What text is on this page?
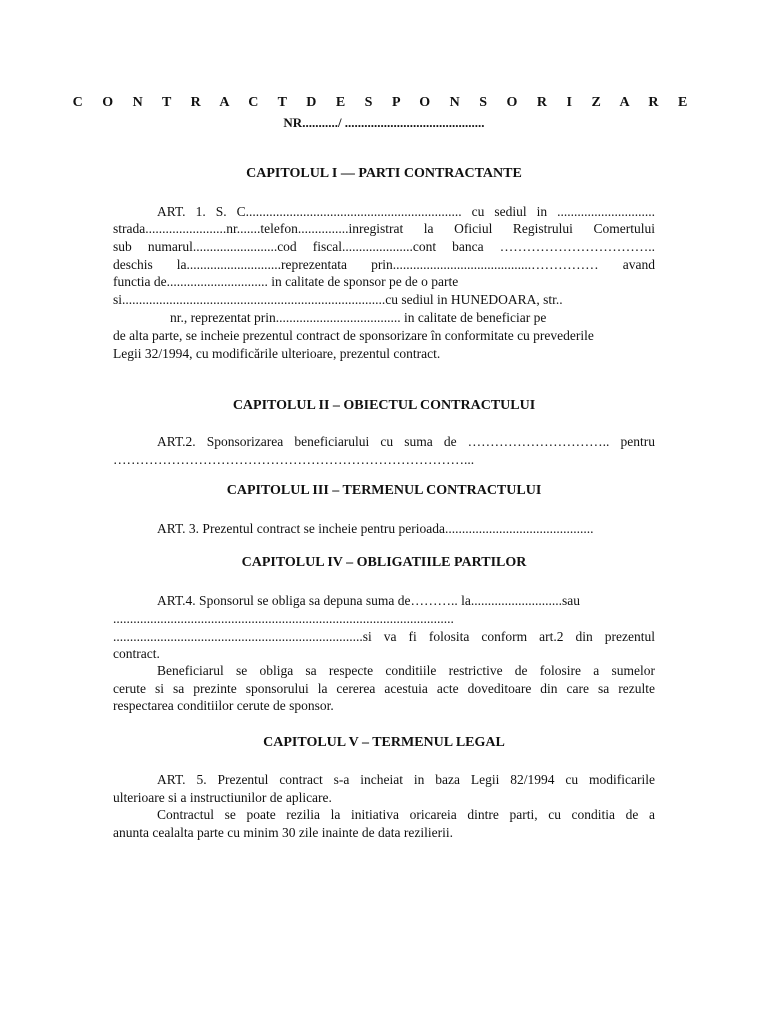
C O N T R A C T D E S P O N S O R I Z A R E
NR.........../ ...........................................
CAPITOLUL I — PARTI CONTRACTANTE
ART. 1. S. C................................................................ cu sediul in .............................
strada........................nr.......telefon...............inregistrat la Oficiul Registrului Comertului
sub numarul.........................cod fiscal.....................cont banca ……………………………..
deschis la............................reprezentata prin.........................................…………… avand
functia de.............................. in calitate de sponsor pe de o parte
si..............................................................................cu sediul in HUNEDOARA, str..
nr., reprezentat prin..................................... in calitate de beneficiar pe
de alta parte, se incheie prezentul contract de sponsorizare în conformitate cu prevederile
Legii 32/1994, cu modificările ulterioare, prezentul contract.
CAPITOLUL II – OBIECTUL CONTRACTULUI
ART.2. Sponsorizarea beneficiarului cu suma de ………………………….. pentru
……………………………………………………………………...
CAPITOLUL III – TERMENUL CONTRACTULUI
ART. 3. Prezentul contract se incheie pentru perioada............................................
CAPITOLUL IV – OBLIGATIILE PARTILOR
ART.4. Sponsorul se obliga sa depuna suma de……….. la...........................sau
.....................................................................................................
..........................................................................si va fi folosita conform art.2 din prezentul
contract.
Beneficiarul se obliga sa respecte conditiile restrictive de folosire a sumelor
cerute si sa prezinte sponsorului la cererea acestuia acte doveditoare din care sa rezulte
respectarea conditiilor cerute de sponsor.
CAPITOLUL V – TERMENUL LEGAL
ART. 5. Prezentul contract s-a incheiat in baza Legii 82/1994 cu modificarile
ulterioare si a instructiunilor de aplicare.
Contractul se poate rezilia la initiativa oricareia dintre parti, cu conditia de a
anunta cealalta parte cu minim 30 zile inainte de data rezilierii.
